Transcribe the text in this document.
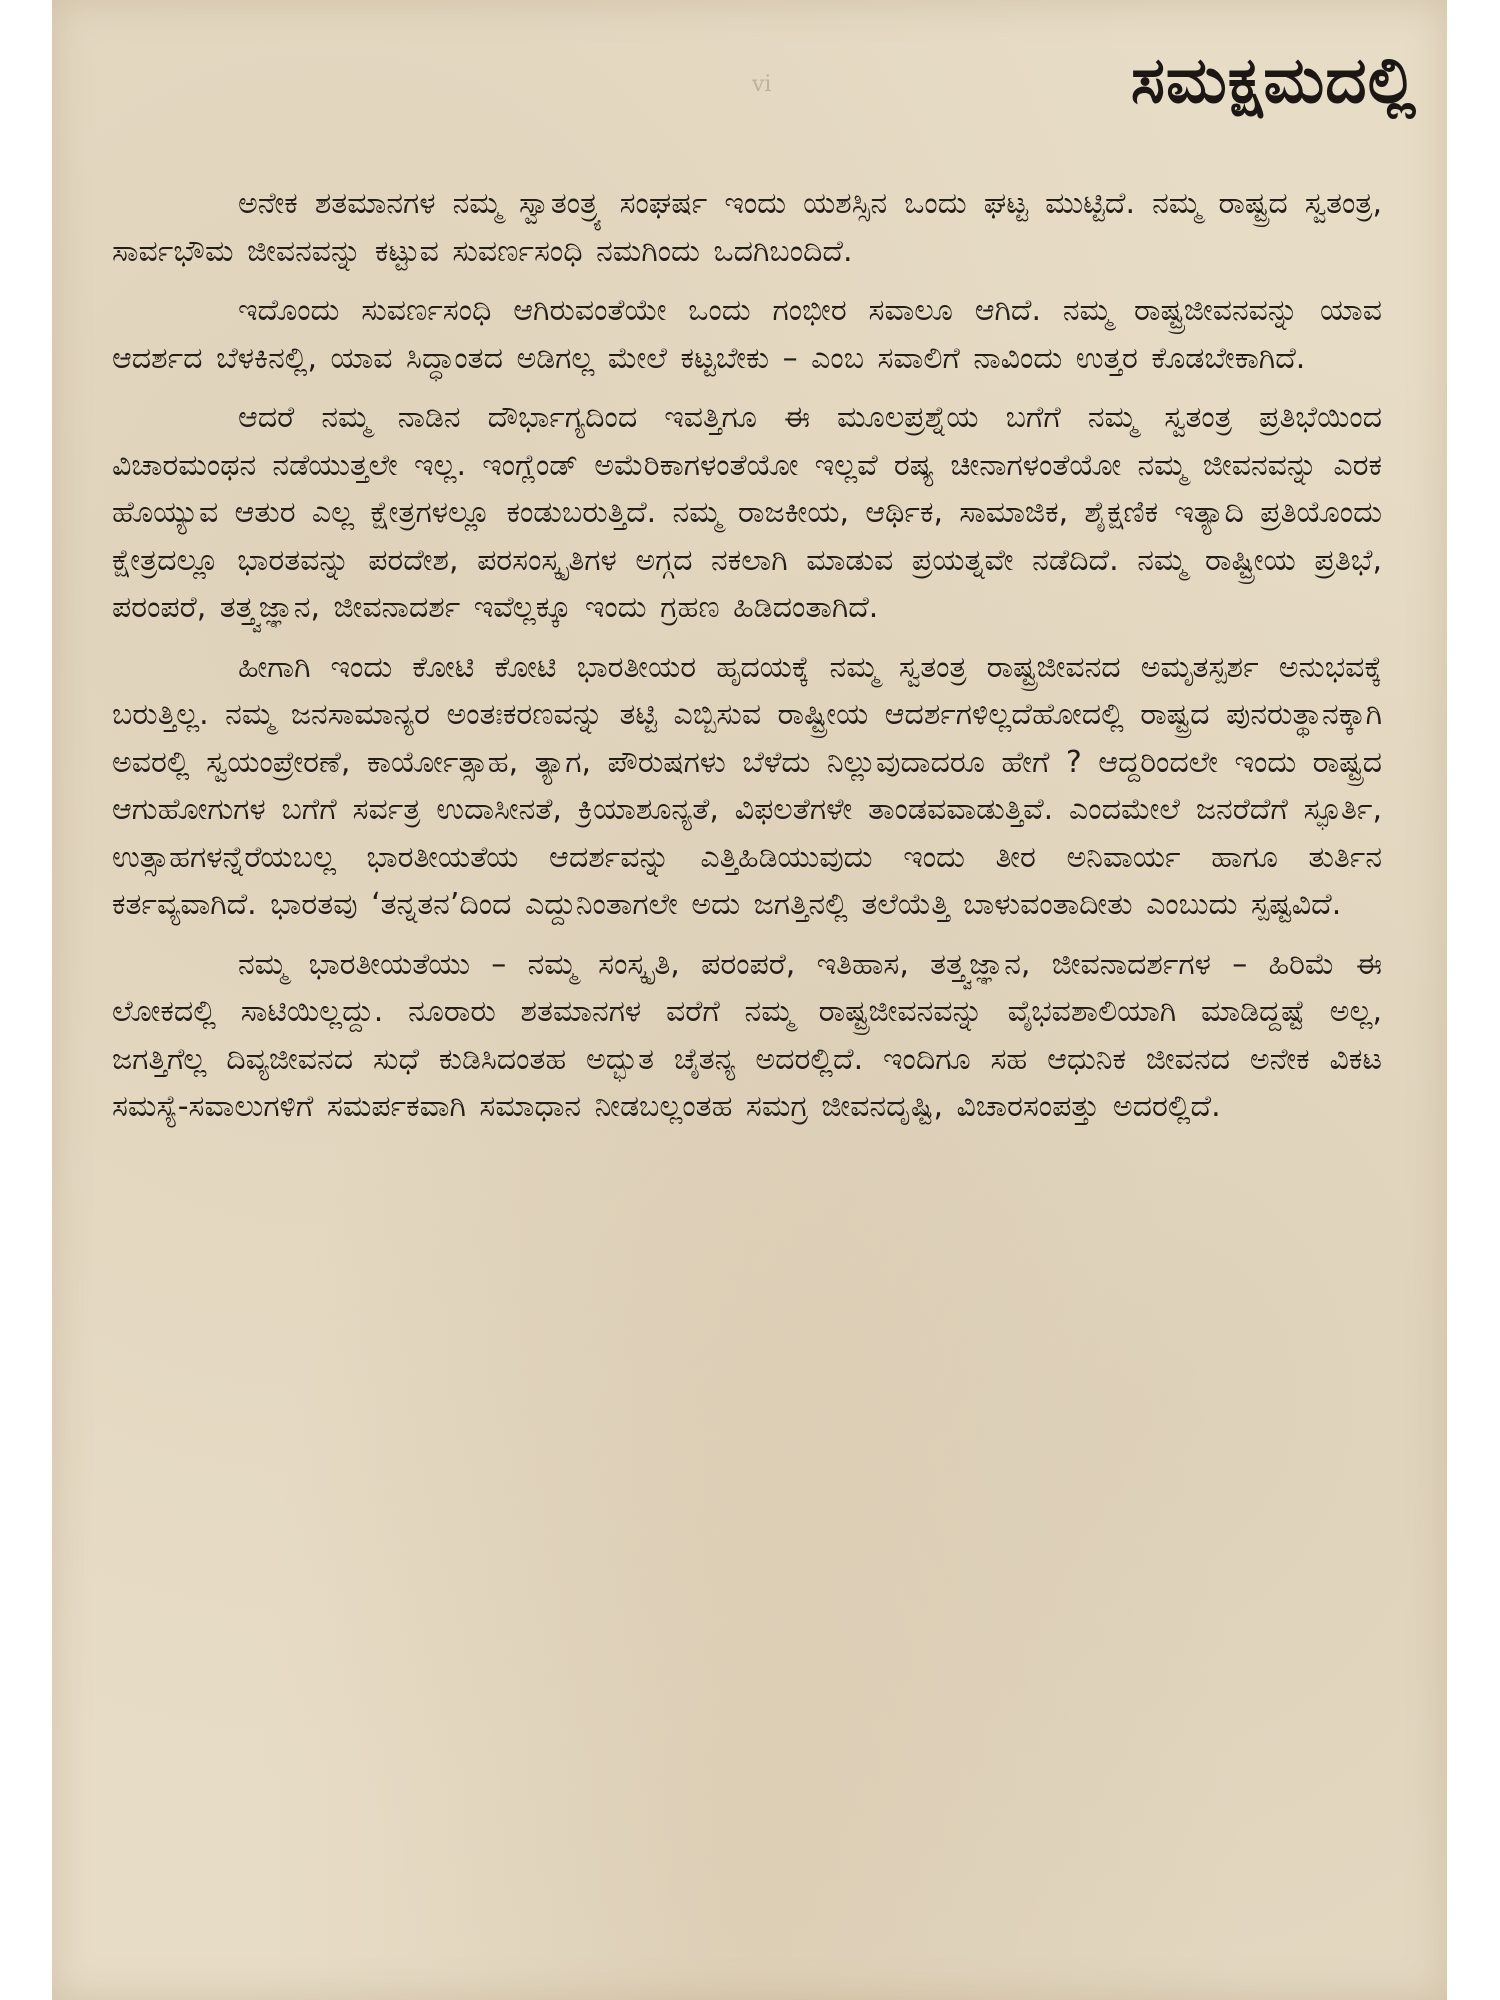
vi	ಸಮಕ್ಷಮದಲ್ಲಿ

ಅನೇಕ ಶತಮಾನಗಳ ನಮ್ಮ ಸ್ವಾತಂತ್ರ್ಯ ಸಂಘರ್ಷ ಇಂದು ಯಶಸ್ಸಿನ ಒಂದು ಘಟ್ಟ ಮುಟ್ಟಿದೆ. ನಮ್ಮ ರಾಷ್ಟ್ರದ ಸ್ವತಂತ್ರ, ಸಾರ್ವಭೌಮ ಜೀವನವನ್ನು ಕಟ್ಟುವ ಸುವರ್ಣಸಂಧಿ ನಮಗಿಂದು ಒದಗಿಬಂದಿದೆ.

ಇದೊಂದು ಸುವರ್ಣಸಂಧಿ ಆಗಿರುವಂತೆಯೇ ಒಂದು ಗಂಭೀರ ಸವಾಲೂ ಆಗಿದೆ. ನಮ್ಮ ರಾಷ್ಟ್ರಜೀವನವನ್ನು ಯಾವ ಆದರ್ಶದ ಬೆಳಕಿನಲ್ಲಿ, ಯಾವ ಸಿದ್ಧಾಂತದ ಅಡಿಗಲ್ಲ ಮೇಲೆ ಕಟ್ಟಬೇಕು – ಎಂಬ ಸವಾಲಿಗೆ ನಾವಿಂದು ಉತ್ತರ ಕೊಡಬೇಕಾಗಿದೆ.

ಆದರೆ ನಮ್ಮ ನಾಡಿನ ದೌರ್ಭಾಗ್ಯದಿಂದ ಇವತ್ತಿಗೂ ಈ ಮೂಲಪ್ರಶ್ನೆಯ ಬಗೆಗೆ ನಮ್ಮ ಸ್ವತಂತ್ರ ಪ್ರತಿಭೆಯಿಂದ ವಿಚಾರಮಂಥನ ನಡೆಯುತ್ತಲೇ ಇಲ್ಲ. ಇಂಗ್ಲೆಂಡ್ ಅಮೆರಿಕಾಗಳಂತೆಯೋ ಇಲ್ಲವೆ ರಷ್ಯ ಚೀನಾಗಳಂತೆಯೋ ನಮ್ಮ ಜೀವನವನ್ನು ಎರಕ ಹೊಯ್ಯುವ ಆತುರ ಎಲ್ಲ ಕ್ಷೇತ್ರಗಳಲ್ಲೂ ಕಂಡುಬರುತ್ತಿದೆ. ನಮ್ಮ ರಾಜಕೀಯ, ಆರ್ಥಿಕ, ಸಾಮಾಜಿಕ, ಶೈಕ್ಷಣಿಕ ಇತ್ಯಾದಿ ಪ್ರತಿಯೊಂದು ಕ್ಷೇತ್ರದಲ್ಲೂ ಭಾರತವನ್ನು ಪರದೇಶ, ಪರಸಂಸ್ಕೃತಿಗಳ ಅಗ್ಗದ ನಕಲಾಗಿ ಮಾಡುವ ಪ್ರಯತ್ನವೇ ನಡೆದಿದೆ. ನಮ್ಮ ರಾಷ್ಟ್ರೀಯ ಪ್ರತಿಭೆ, ಪರಂಪರೆ, ತತ್ತ್ವಜ್ಞಾನ, ಜೀವನಾದರ್ಶ ಇವೆಲ್ಲಕ್ಕೂ ಇಂದು ಗ್ರಹಣ ಹಿಡಿದಂತಾಗಿದೆ.

ಹೀಗಾಗಿ ಇಂದು ಕೋಟಿ ಕೋಟಿ ಭಾರತೀಯರ ಹೃದಯಕ್ಕೆ ನಮ್ಮ ಸ್ವತಂತ್ರ ರಾಷ್ಟ್ರಜೀವನದ ಅಮೃತಸ್ಪರ್ಶ ಅನುಭವಕ್ಕೆ ಬರುತ್ತಿಲ್ಲ. ನಮ್ಮ ಜನಸಾಮಾನ್ಯರ ಅಂತಃಕರಣವನ್ನು ತಟ್ಟಿ ಎಬ್ಬಿಸುವ ರಾಷ್ಟ್ರೀಯ ಆದರ್ಶಗಳಿಲ್ಲದೆಹೋದಲ್ಲಿ ರಾಷ್ಟ್ರದ ಪುನರುತ್ಥಾನಕ್ಕಾಗಿ ಅವರಲ್ಲಿ ಸ್ವಯಂಪ್ರೇರಣೆ, ಕಾರ್ಯೋತ್ಸಾಹ, ತ್ಯಾಗ, ಪೌರುಷಗಳು ಬೆಳೆದು ನಿಲ್ಲುವುದಾದರೂ ಹೇಗೆ ? ಆದ್ದರಿಂದಲೇ ಇಂದು ರಾಷ್ಟ್ರದ ಆಗುಹೋಗುಗಳ ಬಗೆಗೆ ಸರ್ವತ್ರ ಉದಾಸೀನತೆ, ಕ್ರಿಯಾಶೂನ್ಯತೆ, ವಿಫಲತೆಗಳೇ ತಾಂಡವವಾಡುತ್ತಿವೆ. ಎಂದಮೇಲೆ ಜನರೆದೆಗೆ ಸ್ಫೂರ್ತಿ, ಉತ್ಸಾಹಗಳನ್ನೆರೆಯಬಲ್ಲ ಭಾರತೀಯತೆಯ ಆದರ್ಶವನ್ನು ಎತ್ತಿಹಿಡಿಯುವುದು ಇಂದು ತೀರ ಅನಿವಾರ್ಯ ಹಾಗೂ ತುರ್ತಿನ ಕರ್ತವ್ಯವಾಗಿದೆ. ಭಾರತವು ‘ತನ್ನತನ’ದಿಂದ ಎದ್ದುನಿಂತಾಗಲೇ ಅದು ಜಗತ್ತಿನಲ್ಲಿ ತಲೆಯೆತ್ತಿ ಬಾಳುವಂತಾದೀತು ಎಂಬುದು ಸ್ಪಷ್ಟವಿದೆ.

ನಮ್ಮ ಭಾರತೀಯತೆಯು – ನಮ್ಮ ಸಂಸ್ಕೃತಿ, ಪರಂಪರೆ, ಇತಿಹಾಸ, ತತ್ತ್ವಜ್ಞಾನ, ಜೀವನಾದರ್ಶಗಳ – ಹಿರಿಮೆ ಈ ಲೋಕದಲ್ಲಿ ಸಾಟಿಯಿಲ್ಲದ್ದು. ನೂರಾರು ಶತಮಾನಗಳ ವರೆಗೆ ನಮ್ಮ ರಾಷ್ಟ್ರಜೀವನವನ್ನು ವೈಭವಶಾಲಿಯಾಗಿ ಮಾಡಿದ್ದಷ್ಟೆ ಅಲ್ಲ, ಜಗತ್ತಿಗೆಲ್ಲ ದಿವ್ಯಜೀವನದ ಸುಧೆ ಕುಡಿಸಿದಂತಹ ಅದ್ಭುತ ಚೈತನ್ಯ ಅದರಲ್ಲಿದೆ. ಇಂದಿಗೂ ಸಹ ಆಧುನಿಕ ಜೀವನದ ಅನೇಕ ವಿಕಟ ಸಮಸ್ಯೆ-ಸವಾಲುಗಳಿಗೆ ಸಮರ್ಪಕವಾಗಿ ಸಮಾಧಾನ ನೀಡಬಲ್ಲಂತಹ ಸಮಗ್ರ ಜೀವನದೃಷ್ಟಿ, ವಿಚಾರಸಂಪತ್ತು ಅದರಲ್ಲಿದೆ.
